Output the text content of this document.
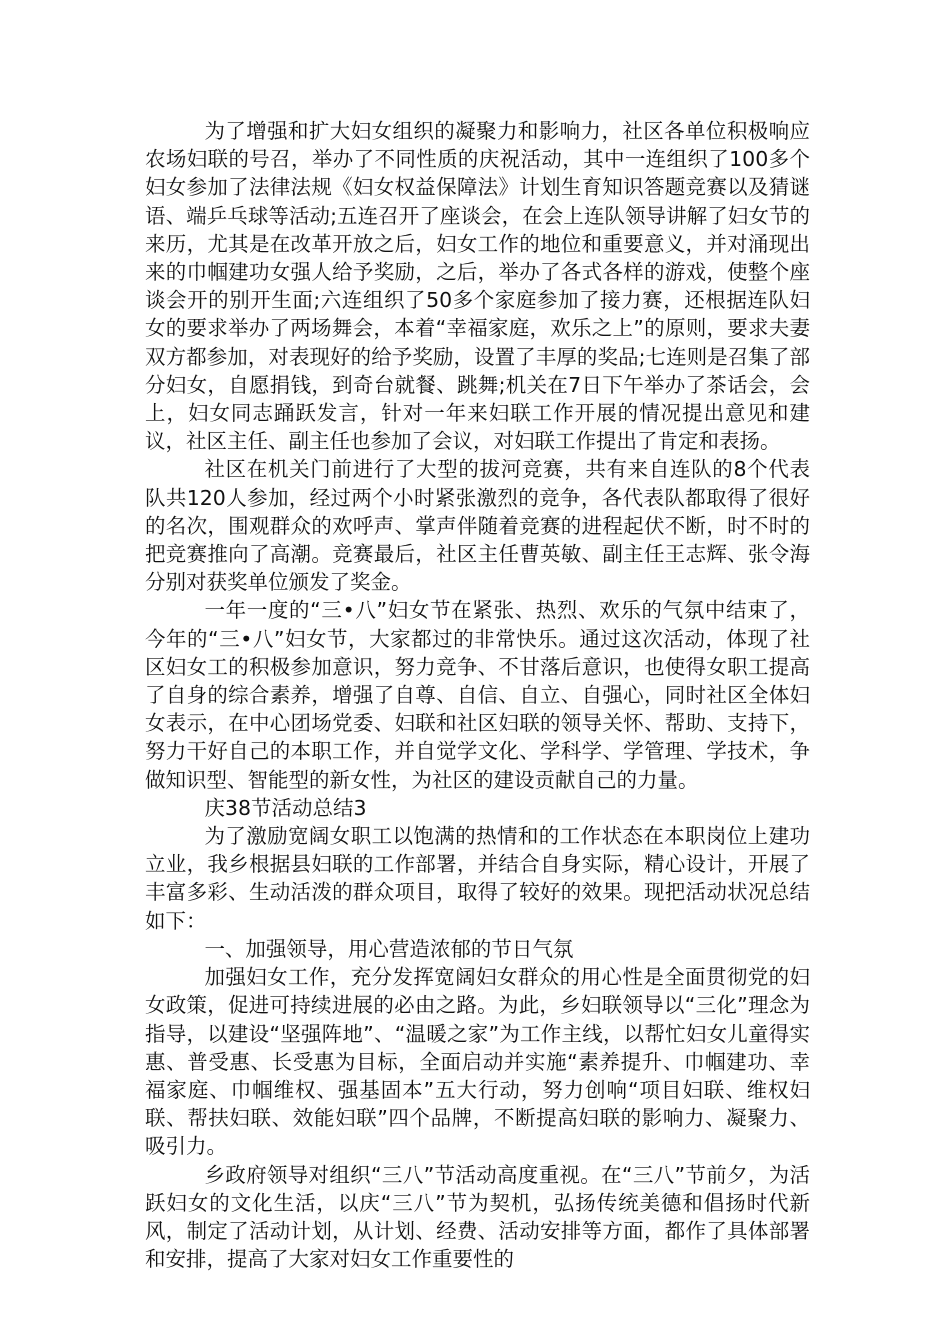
为了增强和扩大妇女组织的凝聚力和影响力，社区各单位积极响应农场妇联的号召，举办了不同性质的庆祝活动，其中一连组织了100多个妇女参加了法律法规《妇女权益保障法》计划生育知识答题竞赛以及猜谜语、端乒乓球等活动;五连召开了座谈会，在会上连队领导讲解了妇女节的来历，尤其是在改革开放之后，妇女工作的地位和重要意义，并对涌现出来的巾帼建功女强人给予奖励，之后，举办了各式各样的游戏，使整个座谈会开的别开生面;六连组织了50多个家庭参加了接力赛，还根据连队妇女的要求举办了两场舞会，本着“幸福家庭，欢乐之上”的原则，要求夫妻双方都参加，对表现好的给予奖励，设置了丰厚的奖品;七连则是召集了部分妇女，自愿捐钱，到奇台就餐、跳舞;机关在7日下午举办了茶话会，会上，妇女同志踊跃发言，针对一年来妇联工作开展的情况提出意见和建议，社区主任、副主任也参加了会议，对妇联工作提出了肯定和表扬。

社区在机关门前进行了大型的拔河竞赛，共有来自连队的8个代表队共120人参加，经过两个小时紧张激烈的竞争，各代表队都取得了很好的名次，围观群众的欢呼声、掌声伴随着竞赛的进程起伏不断，时不时的把竞赛推向了高潮。竞赛最后，社区主任曹英敏、副主任王志辉、张令海分别对获奖单位颁发了奖金。

一年一度的“三•八”妇女节在紧张、热烈、欢乐的气氛中结束了，今年的“三•八”妇女节，大家都过的非常快乐。通过这次活动，体现了社区妇女工的积极参加意识，努力竞争、不甘落后意识，也使得女职工提高了自身的综合素养，增强了自尊、自信、自立、自强心，同时社区全体妇女表示，在中心团场党委、妇联和社区妇联的领导关怀、帮助、支持下，努力干好自己的本职工作，并自觉学文化、学科学、学管理、学技术，争做知识型、智能型的新女性，为社区的建设贡献自己的力量。

庆38节活动总结3

为了激励宽阔女职工以饱满的热情和的工作状态在本职岗位上建功立业，我乡根据县妇联的工作部署，并结合自身实际，精心设计，开展了丰富多彩、生动活泼的群众项目，取得了较好的效果。现把活动状况总结如下：

一、加强领导，用心营造浓郁的节日气氛

加强妇女工作，充分发挥宽阔妇女群众的用心性是全面贯彻党的妇女政策，促进可持续进展的必由之路。为此，乡妇联领导以“三化”理念为指导，以建设“坚强阵地”、“温暖之家”为工作主线，以帮忙妇女儿童得实惠、普受惠、长受惠为目标，全面启动并实施“素养提升、巾帼建功、幸福家庭、巾帼维权、强基固本”五大行动，努力创响“项目妇联、维权妇联、帮扶妇联、效能妇联”四个品牌，不断提高妇联的影响力、凝聚力、吸引力。

乡政府领导对组织“三八”节活动高度重视。在“三八”节前夕，为活跃妇女的文化生活，以庆“三八”节为契机，弘扬传统美德和倡扬时代新风，制定了活动计划，从计划、经费、活动安排等方面，都作了具体部署和安排，提高了大家对妇女工作重要性的
